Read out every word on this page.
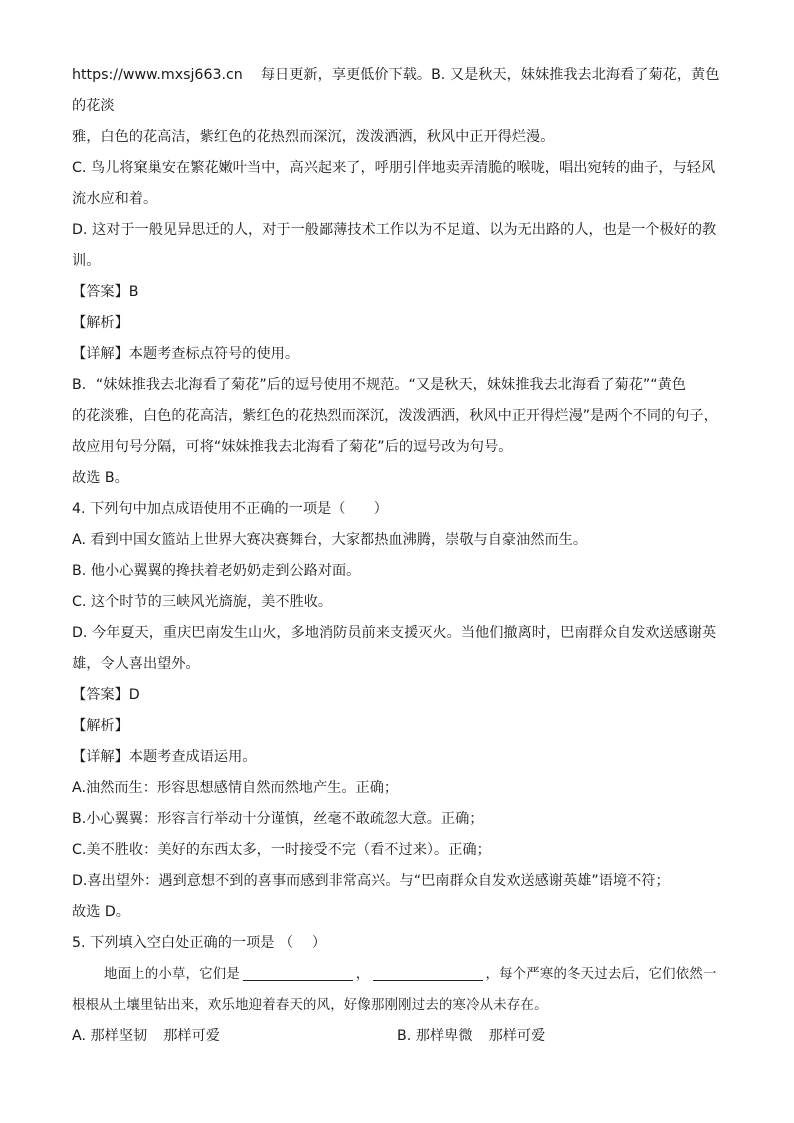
https://www.mxsj663.cn 每日更新，享更低价下载。B. 又是秋天，妹妹推我去北海看了菊花，黄色的花淡

雅，白色的花高洁，紫红色的花热烈而深沉，泼泼洒洒，秋风中正开得烂漫。

C. 鸟儿将窠巢安在繁花嫩叶当中，高兴起来了，呼朋引伴地卖弄清脆的喉咙，唱出宛转的曲子，与轻风

流水应和着。

D. 这对于一般见异思迁的人，对于一般鄙薄技术工作以为不足道、以为无出路的人，也是一个极好的教

训。

【答案】B

【解析】

【详解】本题考查标点符号的使用。

B．“妹妹推我去北海看了菊花”后的逗号使用不规范。“又是秋天，妹妹推我去北海看了菊花”“黄色

的花淡雅，白色的花高洁，紫红色的花热烈而深沉，泼泼洒洒，秋风中正开得烂漫”是两个不同的句子，

故应用句号分隔，可将“妹妹推我去北海看了菊花”后的逗号改为句号。

故选 B。

4. 下列句中加点成语使用不正确的一项是（　　）

A. 看到中国女篮站上世界大赛决赛舞台，大家都热血沸腾，崇敬与自豪油然而生。

B. 他小心翼翼的搀扶着老奶奶走到公路对面。

C. 这个时节的三峡风光旖旎，美不胜收。

D. 今年夏天，重庆巴南发生山火，多地消防员前来支援灭火。当他们撤离时，巴南群众自发欢送感谢英

雄，令人喜出望外。

【答案】D

【解析】

【详解】本题考查成语运用。

A.油然而生：形容思想感情自然而然地产生。正确；

B.小心翼翼：形容言行举动十分谨慎，丝毫不敢疏忽大意。正确；

C.美不胜收：美好的东西太多，一时接受不完（看不过来）。正确；

D.喜出望外：遇到意想不到的喜事而感到非常高兴。与“巴南群众自发欢送感谢英雄”语境不符；

故选 D。

5. 下列填入空白处正确的一项是 （　 ）

地面上的小草，它们是	，	，每个严寒的冬天过去后，它们依然一

根根从土壤里钻出来，欢乐地迎着春天的风，好像那刚刚过去的寒冷从未存在。

A. 那样坚韧 那样可爱	B. 那样卑微 那样可爱
